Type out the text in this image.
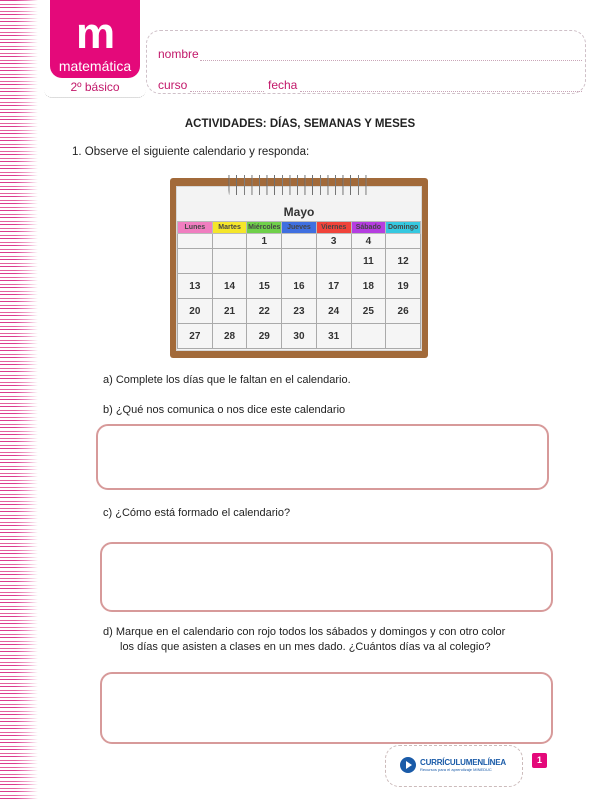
m
matemática
2º básico
nombre
curso	fecha
ACTIVIDADES: DÍAS, SEMANAS Y MESES
1. Observe el siguiente calendario y responda:
Mayo
Lunes	Martes	Miércoles	Jueves	Viernes	Sábado	Domingo
		1		3	4	
					11	12
13	14	15	16	17	18	19
20	21	22	23	24	25	26
27	28	29	30	31		
a) Complete los días que le faltan en el calendario.
b) ¿Qué nos comunica o nos dice este calendario
c) ¿Cómo está formado el calendario?
d) Marque en el calendario con rojo todos los sábados y domingos y con otro color
los días que asisten a clases en un mes dado. ¿Cuántos días va al colegio?
CURRÍCULUMENLÍNEA
Recursos para el aprendizaje MINEDUC
1
